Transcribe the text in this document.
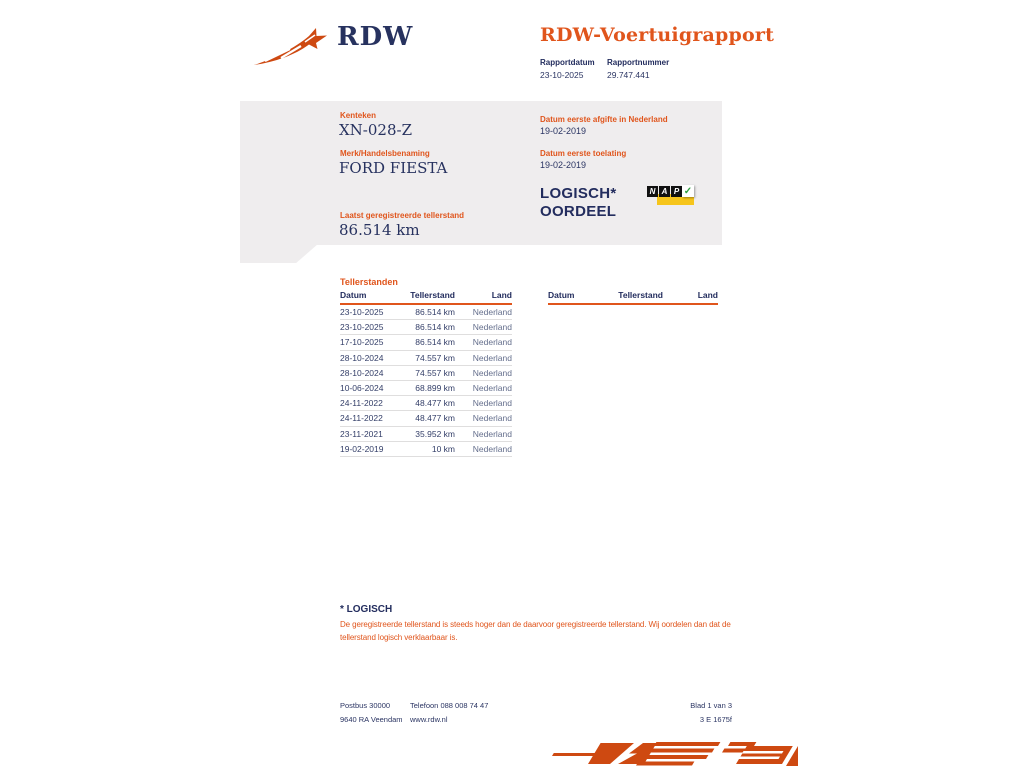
RDW	RDW-Voertuigrapport
Rapportdatum
23-10-2025
Rapportnummer
29.747.441
Kenteken
XN-028-Z
Merk/Handelsbenaming
FORD FIESTA
Laatst geregistreerde tellerstand
86.514 km
Datum eerste afgifte in Nederland
19-02-2019
Datum eerste toelating
19-02-2019
LOGISCH*
OORDEEL
N A P ✓
Tellerstanden
Datum	Tellerstand	Land
23-10-2025	86.514 km	Nederland
23-10-2025	86.514 km	Nederland
17-10-2025	86.514 km	Nederland
28-10-2024	74.557 km	Nederland
28-10-2024	74.557 km	Nederland
10-06-2024	68.899 km	Nederland
24-11-2022	48.477 km	Nederland
24-11-2022	48.477 km	Nederland
23-11-2021	35.952 km	Nederland
19-02-2019	10 km	Nederland
Datum	Tellerstand	Land
* LOGISCH
De geregistreerde tellerstand is steeds hoger dan de daarvoor geregistreerde tellerstand. Wij oordelen dan dat de tellerstand logisch verklaarbaar is.
Postbus 30000
9640 RA Veendam
Telefoon 088 008 74 47
www.rdw.nl
Blad 1 van 3
3 E 1675f
